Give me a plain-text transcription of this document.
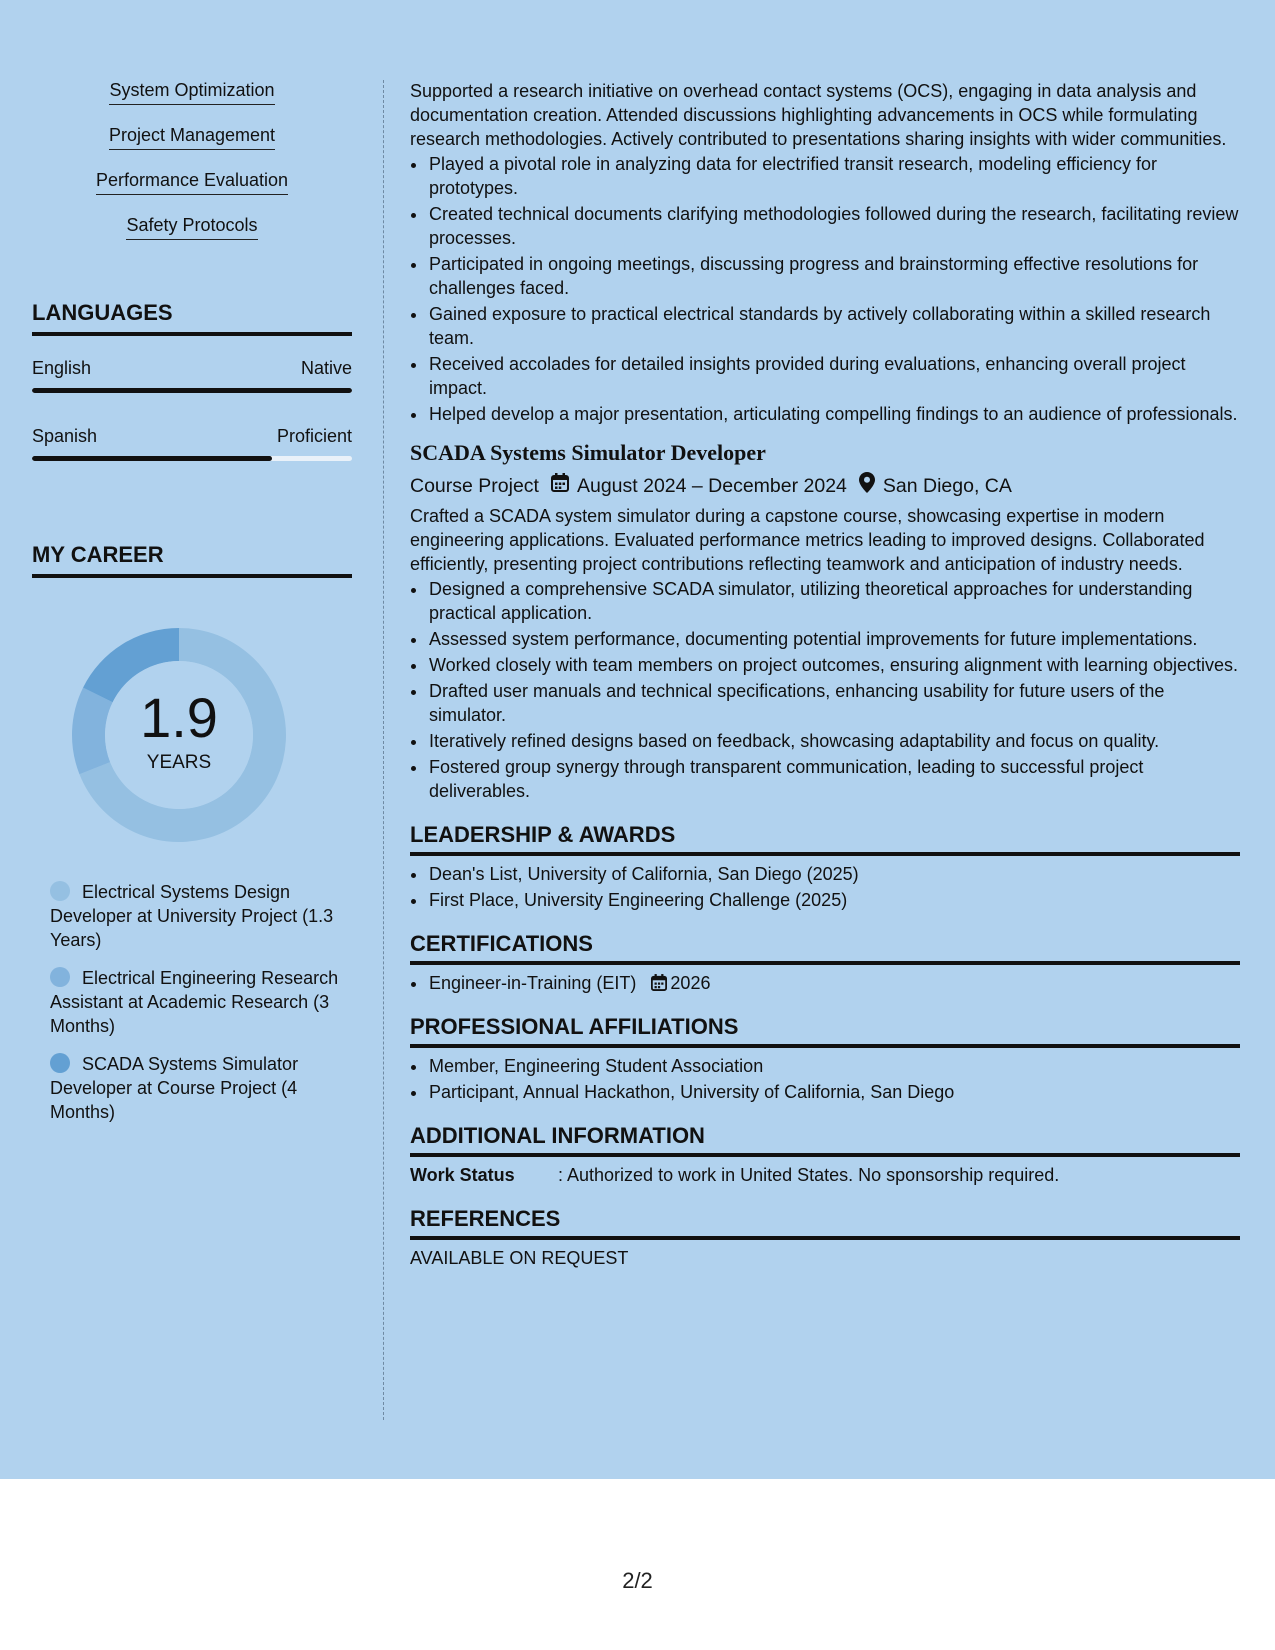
System Optimization
Project Management
Performance Evaluation
Safety Protocols
LANGUAGES
English	Native
Spanish	Proficient
MY CAREER
1.9
YEARS
Electrical Systems Design Developer at University Project (1.3 Years)
Electrical Engineering Research Assistant at Academic Research (3 Months)
SCADA Systems Simulator Developer at Course Project (4 Months)

Supported a research initiative on overhead contact systems (OCS), engaging in data analysis and documentation creation. Attended discussions highlighting advancements in OCS while formulating research methodologies. Actively contributed to presentations sharing insights with wider communities.

• Played a pivotal role in analyzing data for electrified transit research, modeling efficiency for prototypes.
• Created technical documents clarifying methodologies followed during the research, facilitating review processes.
• Participated in ongoing meetings, discussing progress and brainstorming effective resolutions for challenges faced.
• Gained exposure to practical electrical standards by actively collaborating within a skilled research team.
• Received accolades for detailed insights provided during evaluations, enhancing overall project impact.
• Helped develop a major presentation, articulating compelling findings to an audience of professionals.
SCADA Systems Simulator Developer
Course Project August 2024 – December 2024 San Diego, CA

Crafted a SCADA system simulator during a capstone course, showcasing expertise in modern engineering applications. Evaluated performance metrics leading to improved designs. Collaborated efficiently, presenting project contributions reflecting teamwork and anticipation of industry needs.

• Designed a comprehensive SCADA simulator, utilizing theoretical approaches for understanding practical application.
• Assessed system performance, documenting potential improvements for future implementations.
• Worked closely with team members on project outcomes, ensuring alignment with learning objectives.
• Drafted user manuals and technical specifications, enhancing usability for future users of the simulator.
• Iteratively refined designs based on feedback, showcasing adaptability and focus on quality.
• Fostered group synergy through transparent communication, leading to successful project deliverables.
LEADERSHIP & AWARDS
• Dean's List, University of California, San Diego (2025)
• First Place, University Engineering Challenge (2025)
CERTIFICATIONS
• Engineer-in-Training (EIT) 2026
PROFESSIONAL AFFILIATIONS
• Member, Engineering Student Association
• Participant, Annual Hackathon, University of California, San Diego
ADDITIONAL INFORMATION
Work Status	: Authorized to work in United States. No sponsorship required.
REFERENCES

AVAILABLE ON REQUEST

2/2
